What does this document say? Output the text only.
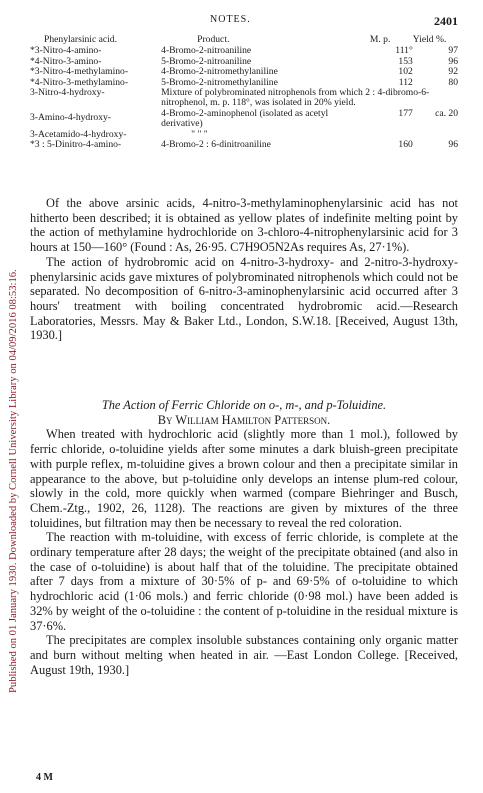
Published on 01 January 1930. Downloaded by Cornell University Library on 04/09/2016 08:53:16.
NOTES.	2401
Phenylarsinic acid.	Product.	M. p.	Yield %.
*3-Nitro-4-amino-	4-Bromo-2-nitroaniline	111°	97
*4-Nitro-3-amino-	5-Bromo-2-nitroaniline	153	96
*3-Nitro-4-methylamino-	4-Bromo-2-nitromethylaniline	102	92
*4-Nitro-3-methylamino-	5-Bromo-2-nitromethylaniline	112	80
3-Nitro-4-hydroxy-	Mixture of polybrominated nitrophenols from which 2 : 4-dibromo-6-nitrophenol, m. p. 118°, was isolated in 20% yield.		
3-Amino-4-hydroxy-	4-Bromo-2-aminophenol (isolated as acetyl derivative)	177	ca. 20
3-Acetamido-4-hydroxy-	" " "		
*3 : 5-Dinitro-4-amino-	4-Bromo-2 : 6-dinitroaniline	160	96

Of the above arsinic acids, 4-nitro-3-methylaminophenylarsinic acid has not hitherto been described; it is obtained as yellow plates of indefinite melting point by the action of methylamine hydrochloride on 3-chloro-4-nitrophenylarsinic acid for 3 hours at 150—160° (Found : As, 26·95. C7H9O5N2As requires As, 27·1%).

The action of hydrobromic acid on 4-nitro-3-hydroxy- and 2-nitro-3-hydroxy-phenylarsinic acids gave mixtures of polybrominated nitrophenols which could not be separated. No decomposition of 6-nitro-3-aminophenylarsinic acid occurred after 3 hours' treatment with boiling concentrated hydrobromic acid.—Research Laboratories, Messrs. May & Baker Ltd., London, S.W.18. [Received, August 13th, 1930.]

The Action of Ferric Chloride on o-, m-, and p-Toluidine.

By William Hamilton Patterson.

When treated with hydrochloric acid (slightly more than 1 mol.), followed by ferric chloride, o-toluidine yields after some minutes a dark bluish-green precipitate with purple reflex, m-toluidine gives a brown colour and then a precipitate similar in appearance to the above, but p-toluidine only develops an intense plum-red colour, slowly in the cold, more quickly when warmed (compare Biehringer and Busch, Chem.-Ztg., 1902, 26, 1128). The reactions are given by mixtures of the three toluidines, but filtration may then be necessary to reveal the red coloration.

The reaction with m-toluidine, with excess of ferric chloride, is complete at the ordinary temperature after 28 days; the weight of the precipitate obtained (and also in the case of o-toluidine) is about half that of the toluidine. The precipitate obtained after 7 days from a mixture of 30·5% of p- and 69·5% of o-toluidine to which hydrochloric acid (1·06 mols.) and ferric chloride (0·98 mol.) have been added is 32% by weight of the o-toluidine : the content of p-toluidine in the residual mixture is 37·6%.

The precipitates are complex insoluble substances containing only organic matter and burn without melting when heated in air. —East London College. [Received, August 19th, 1930.]

4 M
